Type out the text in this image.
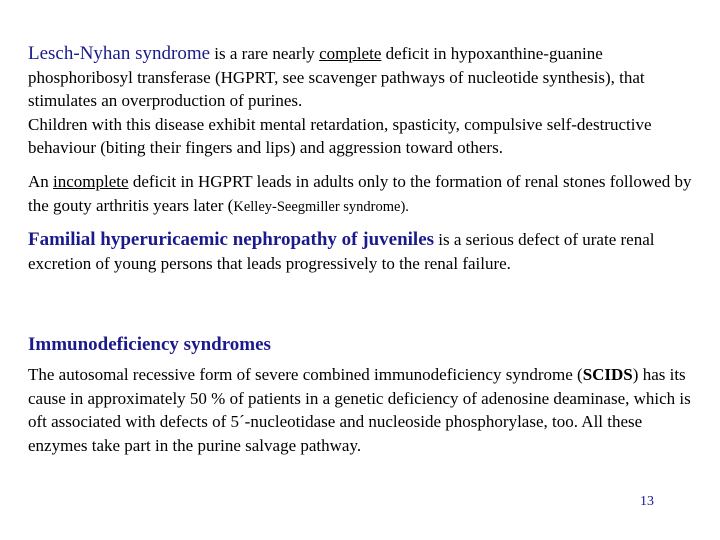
Lesch-Nyhan syndrome is a rare nearly complete deficit in hypoxanthine-guanine phosphoribosyl transferase (HGPRT, see scavenger pathways of nucleotide synthesis), that stimulates an overproduction of purines.
Children with this disease exhibit mental retardation, spasticity, compulsive self-destructive behaviour (biting their fingers and lips) and aggression toward others.

An incomplete deficit in HGPRT leads in adults only to the formation of renal stones followed by the gouty arthritis years later (Kelley-Seegmiller syndrome).

Familial hyperuricaemic nephropathy of juveniles is a serious defect of urate renal excretion of young persons that leads progressively to the renal failure.

Immunodeficiency syndromes

The autosomal recessive form of severe combined immunodeficiency syndrome (SCIDS) has its cause in approximately 50 % of patients in a genetic deficiency of adenosine deaminase, which is oft associated with defects of 5´-nucleotidase and nucleoside phosphorylase, too. All these enzymes take part in the purine salvage pathway.

13
